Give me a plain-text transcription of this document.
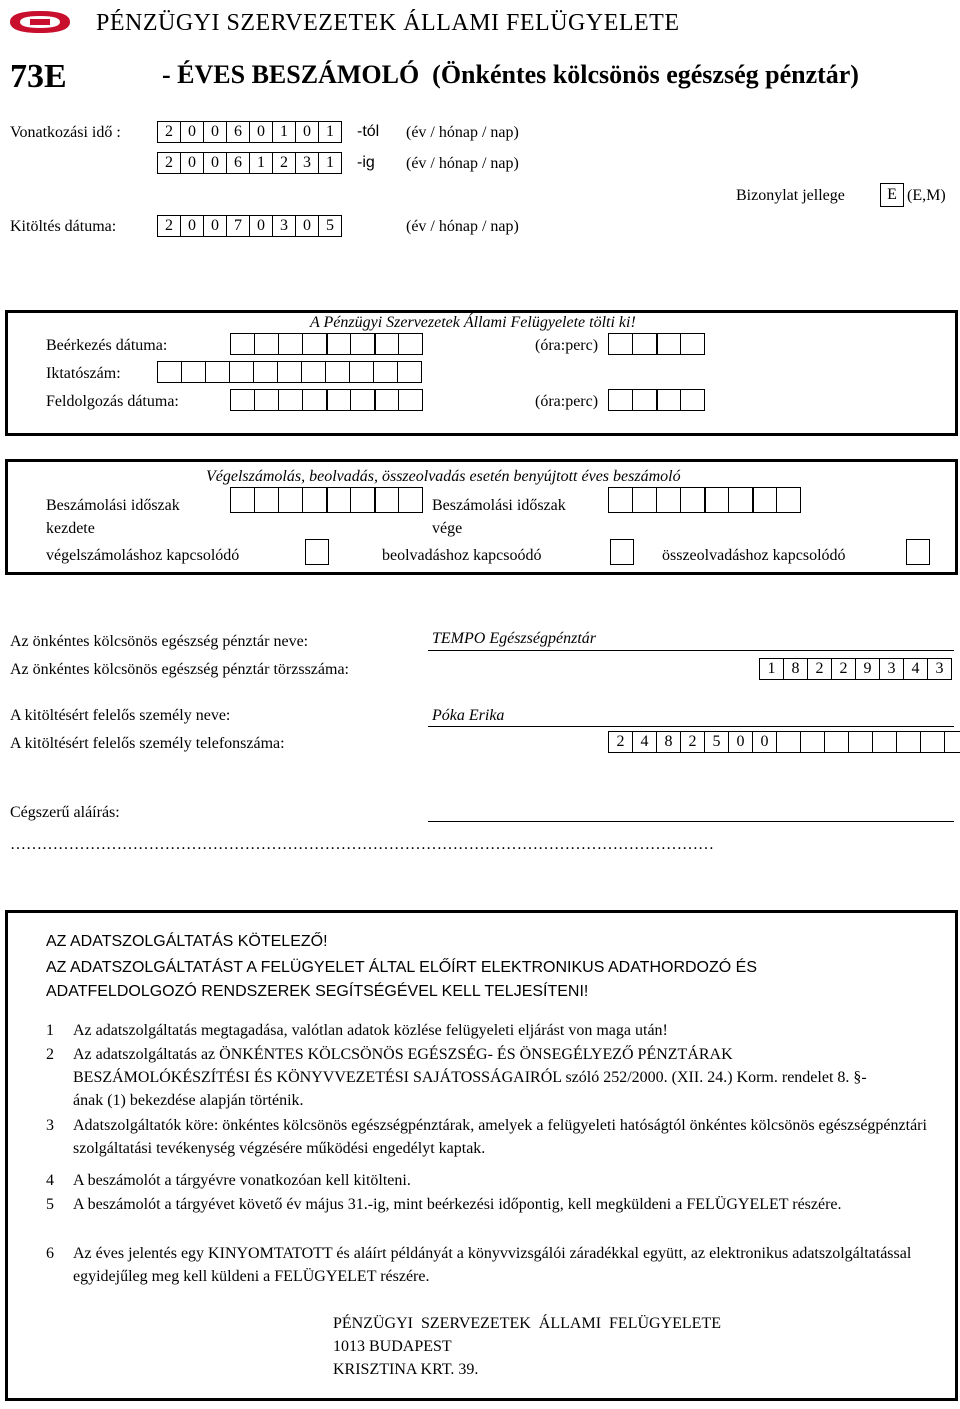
PÉNZÜGYI SZERVEZETEK ÁLLAMI FELÜGYELETE
73E	- ÉVES BESZÁMOLÓ  (Önkéntes kölcsönös egészség pénztár)
Vonatkozási idő :	2 0 0 6 0 1 0 1	-tól (év / hónap / nap)
2 0 0 6 1 2 3 1	-ig (év / hónap / nap)
Bizonylat jellege	E (E,M)
Kitöltés dátuma:	2 0 0 7 0 3 0 5	(év / hónap / nap)
A Pénzügyi Szervezetek Állami Felügyelete tölti ki!
Beérkezés dátuma:	(óra:perc)
Iktatószám:
Feldolgozás dátuma:	(óra:perc)
Végelszámolás, beolvadás, összeolvadás esetén benyújtott éves beszámoló
Beszámolási időszak
kezdete
Beszámolási időszak
vége
végelszámoláshoz kapcsolódó	beolvadáshoz kapcsoódó	összeolvadáshoz kapcsolódó
Az önkéntes kölcsönös egészség pénztár neve:	TEMPO Egészségpénztár
Az önkéntes kölcsönös egészség pénztár törzsszáma:	1	8	2	2	9	3	4	3
A kitöltésért felelős személy neve:	Póka Erika
A kitöltésért felelős személy telefonszáma:	2	4	8	2	5	0	0
Cégszerű aláírás:
……………………………………………………………………………………………………………………
AZ ADATSZOLGÁLTATÁS KÖTELEZŐ!
AZ ADATSZOLGÁLTATÁST A FELÜGYELET ÁLTAL ELŐÍRT ELEKTRONIKUS ADATHORDOZÓ ÉS
ADATFELDOLGOZÓ RENDSZEREK SEGÍTSÉGÉVEL KELL TELJESÍTENI!
1 Az adatszolgáltatás megtagadása, valótlan adatok közlése felügyeleti eljárást von maga után!
2 Az adatszolgáltatás az ÖNKÉNTES KÖLCSÖNÖS EGÉSZSÉG- ÉS ÖNSEGÉLYEZŐ PÉNZTÁRAK BESZÁMOLÓKÉSZÍTÉSI ÉS KÖNYVVEZETÉSI SAJÁTOSSÁGAIRÓL szóló 252/2000. (XII. 24.) Korm. rendelet 8. §-ának (1) bekezdése alapján történik.
3 Adatszolgáltatók köre: önkéntes kölcsönös egészségpénztárak, amelyek a felügyeleti hatóságtól önkéntes kölcsönös egészségpénztári szolgáltatási tevékenység végzésére működési engedélyt kaptak.
4 A beszámolót a tárgyévre vonatkozóan kell kitölteni.
5 A beszámolót a tárgyévet követő év május 31.-ig, mint beérkezési időpontig, kell megküldeni a FELÜGYELET részére.
6 Az éves jelentés egy KINYOMTATOTT és aláírt példányát a könyvvizsgálói záradékkal együtt, az elektronikus adatszolgáltatással egyidejűleg meg kell küldeni a FELÜGYELET részére.
PÉNZÜGYI  SZERVEZETEK  ÁLLAMI  FELÜGYELETE
1013 BUDAPEST
KRISZTINA KRT. 39.
